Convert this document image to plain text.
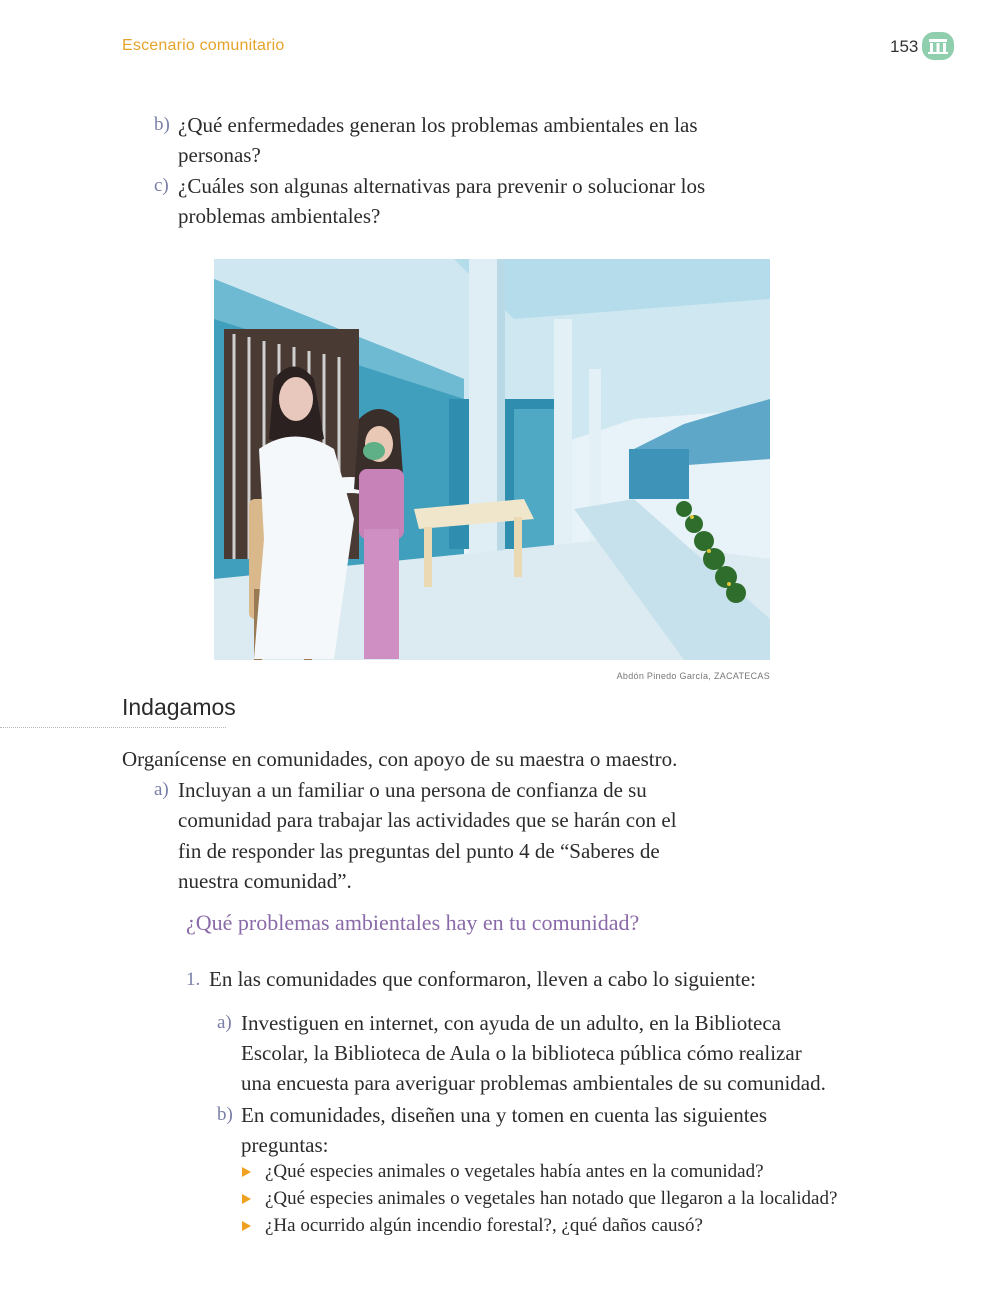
Escenario comunitario	153
b) ¿Qué enfermedades generan los problemas ambientales en las
personas?
c) ¿Cuáles son algunas alternativas para prevenir o solucionar los
problemas ambientales?
Abdón Pinedo García, ZACATECAS
Indagamos
Organícense en comunidades, con apoyo de su maestra o maestro.
a) Incluyan a un familiar o una persona de confianza de su
comunidad para trabajar las actividades que se harán con el
fin de responder las preguntas del punto 4 de “Saberes de
nuestra comunidad”.
¿Qué problemas ambientales hay en tu comunidad?
1. En las comunidades que conformaron, lleven a cabo lo siguiente:
a) Investiguen en internet, con ayuda de un adulto, en la Biblioteca
Escolar, la Biblioteca de Aula o la biblioteca pública cómo realizar
una encuesta para averiguar problemas ambientales de su comunidad.
b) En comunidades, diseñen una y tomen en cuenta las siguientes
preguntas:
¿Qué especies animales o vegetales había antes en la comunidad?
¿Qué especies animales o vegetales han notado que llegaron a la localidad?
¿Ha ocurrido algún incendio forestal?, ¿qué daños causó?
